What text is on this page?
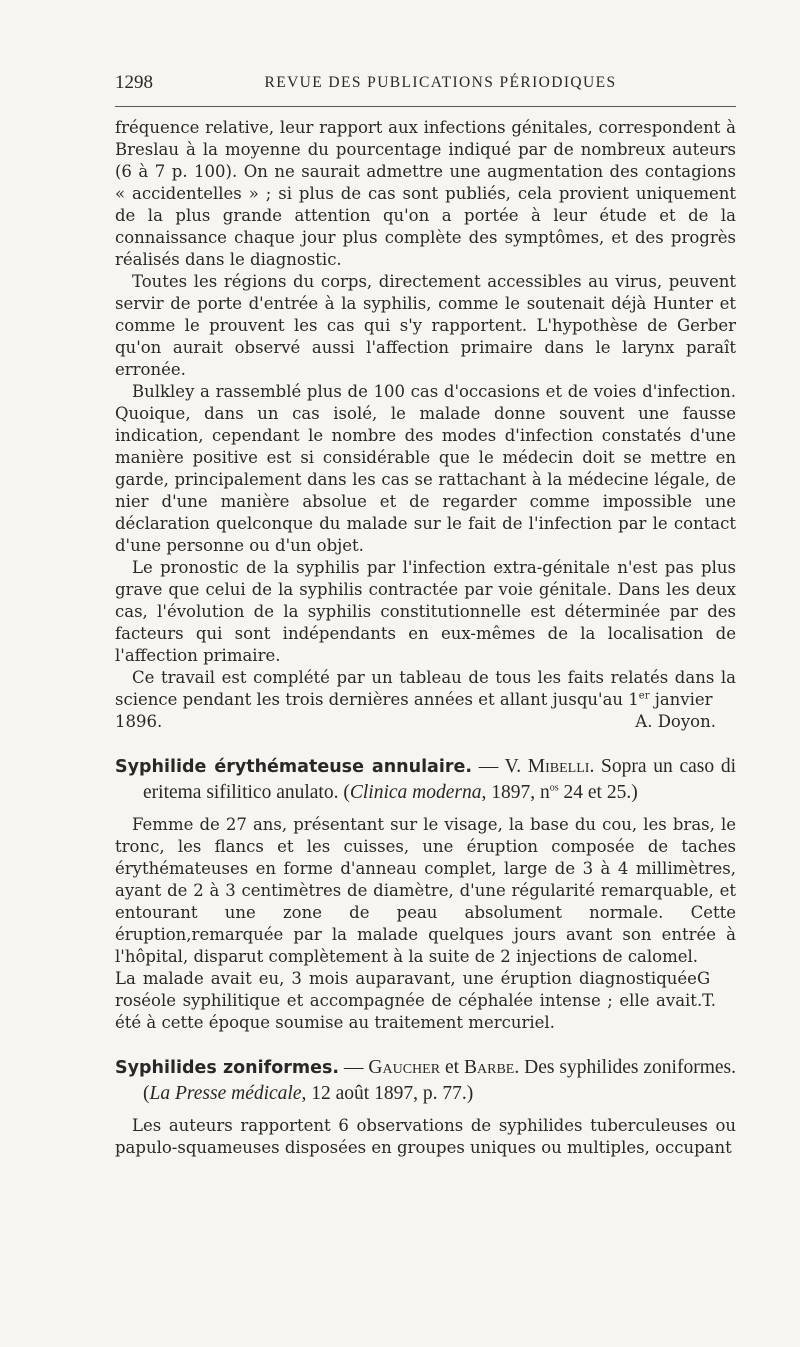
1298	REVUE DES PUBLICATIONS PÉRIODIQUES

fréquence relative, leur rapport aux infections génitales, correspondent à Breslau à la moyenne du pourcentage indiqué par de nombreux auteurs (6 à 7 p. 100). On ne saurait admettre une augmentation des contagions « accidentelles » ; si plus de cas sont publiés, cela provient uniquement de la plus grande attention qu'on a portée à leur étude et de la connaissance chaque jour plus complète des symptômes, et des progrès réalisés dans le diagnostic.

Toutes les régions du corps, directement accessibles au virus, peuvent servir de porte d'entrée à la syphilis, comme le soutenait déjà Hunter et comme le prouvent les cas qui s'y rapportent. L'hypothèse de Gerber qu'on aurait observé aussi l'affection primaire dans le larynx paraît erronée.

Bulkley a rassemblé plus de 100 cas d'occasions et de voies d'infection. Quoique, dans un cas isolé, le malade donne souvent une fausse indication, cependant le nombre des modes d'infection constatés d'une manière positive est si considérable que le médecin doit se mettre en garde, principalement dans les cas se rattachant à la médecine légale, de nier d'une manière absolue et de regarder comme impossible une déclaration quelconque du malade sur le fait de l'infection par le contact d'une personne ou d'un objet.

Le pronostic de la syphilis par l'infection extra-génitale n'est pas plus grave que celui de la syphilis contractée par voie génitale. Dans les deux cas, l'évolution de la syphilis constitutionnelle est déterminée par des facteurs qui sont indépendants en eux-mêmes de la localisation de l'affection primaire.

Ce travail est complété par un tableau de tous les faits relatés dans la science pendant les trois dernières années et allant jusqu'au 1er janvier

1896.	A. Doyon.

Syphilide érythémateuse annulaire. — V. Mibelli. Sopra un caso di eritema sifilitico anulato. (Clinica moderna, 1897, $n^{os}$ 24 et 25.)

Femme de 27 ans, présentant sur le visage, la base du cou, les bras, le tronc, les flancs et les cuisses, une éruption composée de taches érythémateuses en forme d'anneau complet, large de 3 à 4 millimètres, ayant de 2 à 3 centimètres de diamètre, d'une régularité remarquable, et entourant une zone de peau absolument normale. Cette éruption,remarquée par la malade quelques jours avant son entrée à l'hôpital, disparut complètement à la suite de 2 injections de calomel.

La malade avait eu, 3 mois auparavant, une éruption diagnostiquée roséole syphilitique et accompagnée de céphalée intense ; elle avait été à cette époque soumise au traitement mercuriel.
G .T.

Syphilides zoniformes. — Gaucher et Barbe. Des syphilides zoniformes. (La Presse médicale, 12 août 1897, p. 77.)

Les auteurs rapportent 6 observations de syphilides tuberculeuses ou papulo-squameuses disposées en groupes uniques ou multiples, occupant
